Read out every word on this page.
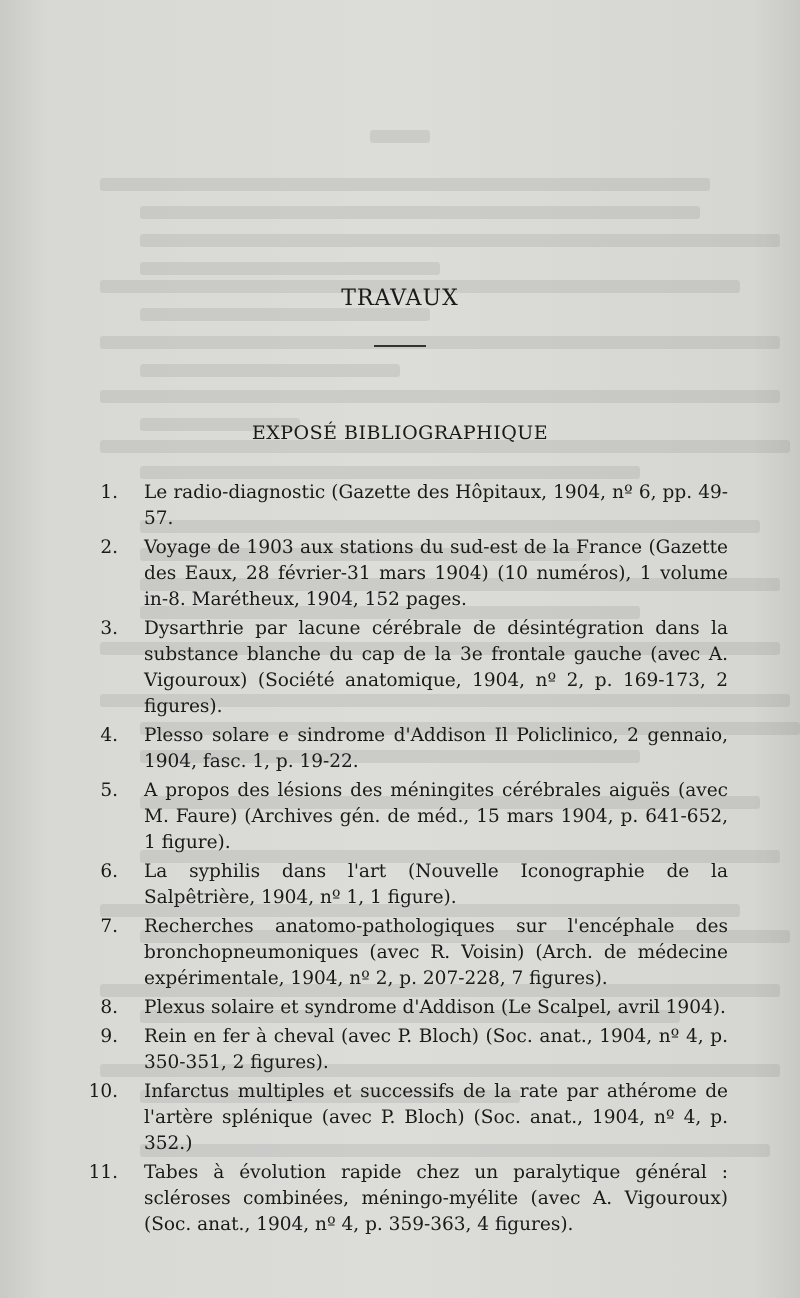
TRAVAUX
EXPOSÉ BIBLIOGRAPHIQUE
1. Le radio-diagnostic (Gazette des Hôpitaux, 1904, nº 6, pp. 49-57.
2. Voyage de 1903 aux stations du sud-est de la France (Gazette des Eaux, 28 février-31 mars 1904) (10 numéros), 1 volume in-8. Marétheux, 1904, 152 pages.
3. Dysarthrie par lacune cérébrale de désintégration dans la substance blanche du cap de la 3e frontale gauche (avec A. Vigouroux) (Société anatomique, 1904, nº 2, p. 169-173, 2 figures).
4. Plesso solare e sindrome d'Addison Il Policlinico, 2 gennaio, 1904, fasc. 1, p. 19-22.
5. A propos des lésions des méningites cérébrales aiguës (avec M. Faure) (Archives gén. de méd., 15 mars 1904, p. 641-652, 1 figure).
6. La syphilis dans l'art (Nouvelle Iconographie de la Salpêtrière, 1904, nº 1, 1 figure).
7. Recherches anatomo-pathologiques sur l'encéphale des bronchopneumoniques (avec R. Voisin) (Arch. de médecine expérimentale, 1904, nº 2, p. 207-228, 7 figures).
8. Plexus solaire et syndrome d'Addison (Le Scalpel, avril 1904).
9. Rein en fer à cheval (avec P. Bloch) (Soc. anat., 1904, nº 4, p. 350-351, 2 figures).
10. Infarctus multiples et successifs de la rate par athérome de l'artère splénique (avec P. Bloch) (Soc. anat., 1904, nº 4, p. 352.)
11. Tabes à évolution rapide chez un paralytique général : scléroses combinées, méningo-myélite (avec A. Vigouroux) (Soc. anat., 1904, nº 4, p. 359-363, 4 figures).
